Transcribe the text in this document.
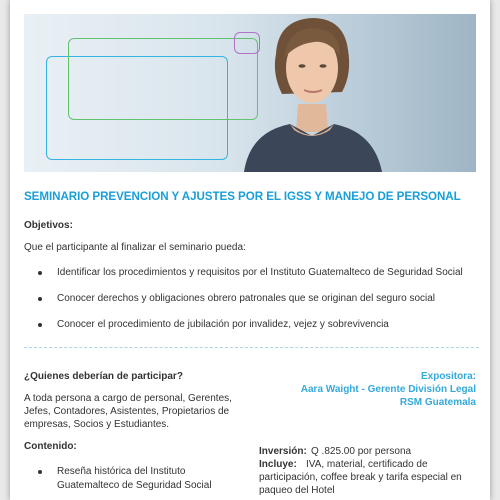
SEMINARIO PREVENCION Y AJUSTES POR EL IGSS Y MANEJO DE PERSONAL
Objetivos:
Que el participante al finalizar el seminario pueda:
Identificar los procedimientos y requisitos por el Instituto Guatemalteco de Seguridad Social
Conocer derechos y obligaciones obrero patronales que se originan del seguro social
Conocer el procedimiento de jubilación por invalidez, vejez y sobrevivencia
¿Quienes deberían de participar?
A toda persona a cargo de personal, Gerentes,
Jefes, Contadores, Asistentes, Propietarios de
empresas, Socios y Estudiantes.
Expositora:
Aara Waight - Gerente División Legal
RSM Guatemala
Contenido:
Reseña histórica del Instituto
Guatemalteco de Seguridad Social
Inversión: Q .825.00 por persona
Incluye: IVA, material, certificado de
participación, coffee break y tarifa especial en
paqueo del Hotel
